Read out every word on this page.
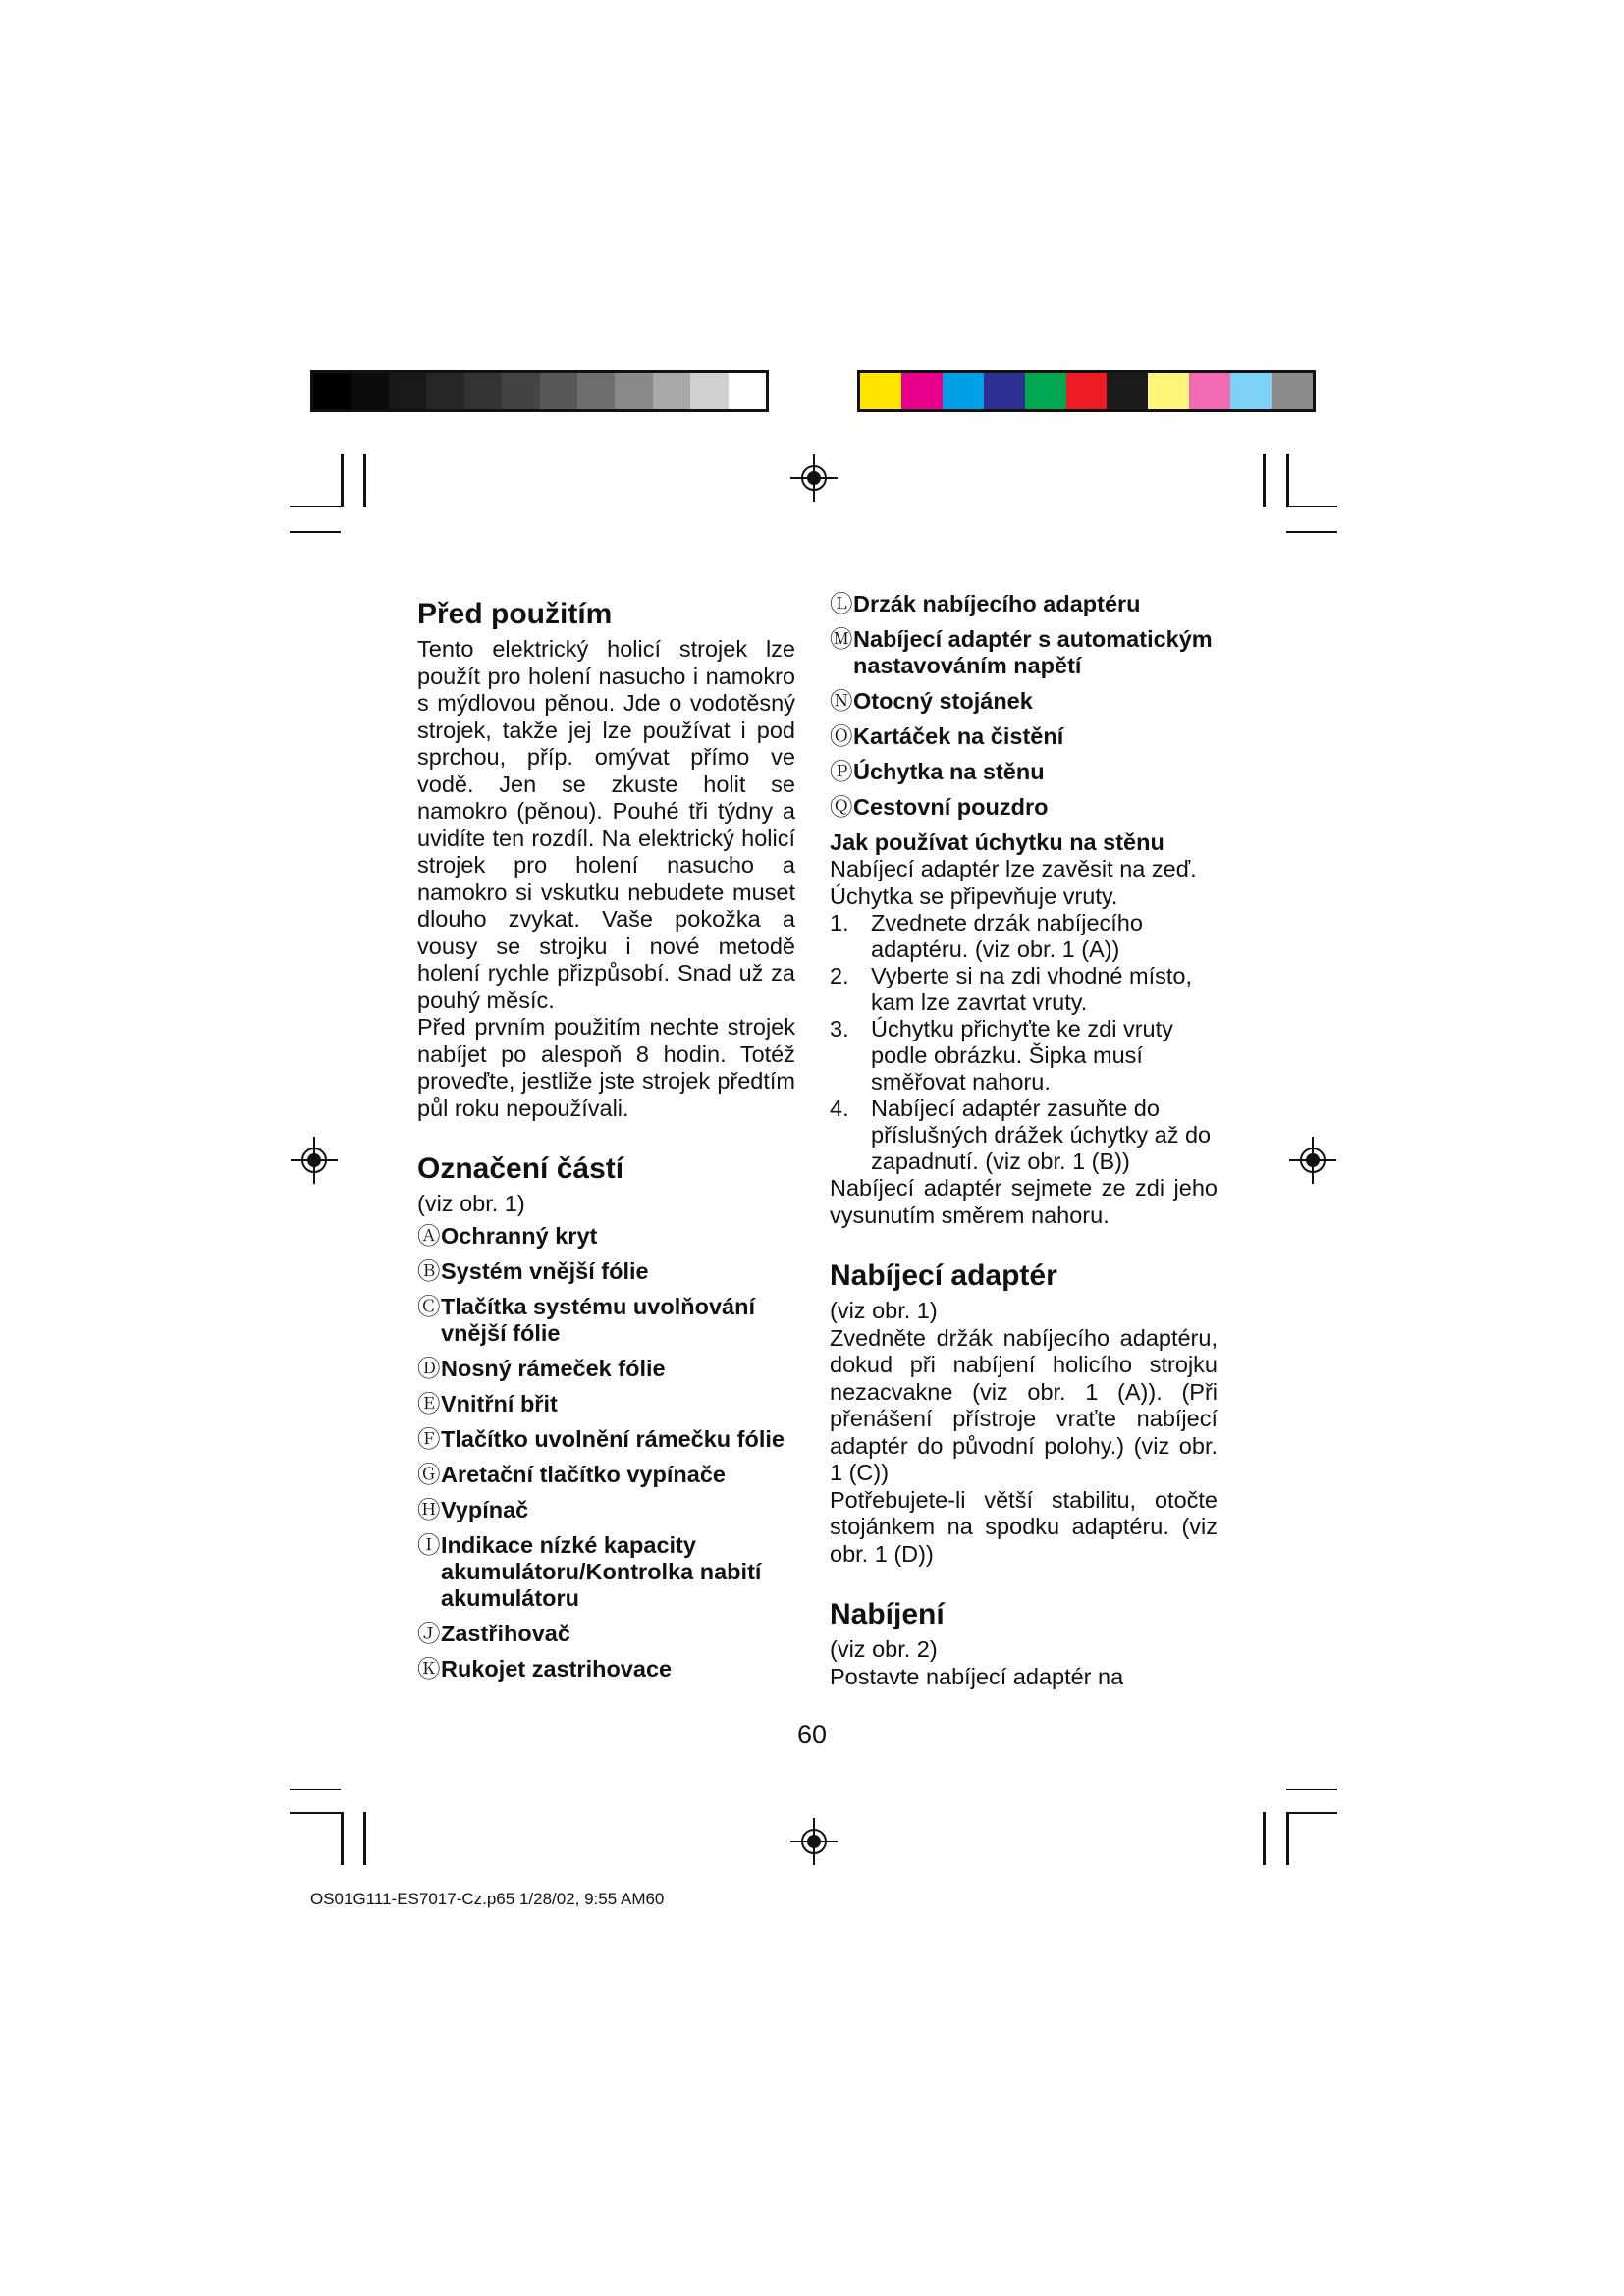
Před použitím

Tento elektrický holicí strojek lze použít pro holení nasucho i namokro s mýdlovou pěnou. Jde o vodotěsný strojek, takže jej lze používat i pod sprchou, příp. omývat přímo ve vodě. Jen se zkuste holit se namokro (pěnou). Pouhé tři týdny a uvidíte ten rozdíl. Na elektrický holicí strojek pro holení nasucho a namokro si vskutku nebudete muset dlouho zvykat. Vaše pokožka a vousy se strojku i nové metodě holení rychle přizpůsobí. Snad už za pouhý měsíc.

Před prvním použitím nechte strojek nabíjet po alespoň 8 hodin. Totéž proveďte, jestliže jste strojek předtím půl roku nepoužívali.

Označení částí
(viz obr. 1)
Ⓐ Ochranný kryt
Ⓑ Systém vnější fólie
Ⓒ Tlačítka systému uvolňování vnější fólie
Ⓓ Nosný rámeček fólie
Ⓔ Vnitřní břit
Ⓕ Tlačítko uvolnění rámečku fólie
Ⓖ Aretační tlačítko vypínače
Ⓗ Vypínač
Ⓘ Indikace nízké kapacity akumulátoru/Kontrolka nabití akumulátoru
Ⓙ Zastřihovač
Ⓚ Rukojet zastrihovace
Ⓛ Drzák nabíjecího adaptéru
Ⓜ Nabíjecí adaptér s automatickým nastavováním napětí
Ⓝ Otocný stojánek
Ⓞ Kartáček na čistění
Ⓟ Úchytka na stěnu
Ⓠ Cestovní pouzdro
Jak používat úchytku na stěnu

Nabíjecí adaptér lze zavěsit na zeď. Úchytka se připevňuje vruty.

1. Zvednete drzák nabíjecího adaptéru. (viz obr. 1 (A))
2. Vyberte si na zdi vhodné místo, kam lze zavrtat vruty.
3. Úchytku přichyťte ke zdi vruty podle obrázku. Šipka musí směřovat nahoru.
4. Nabíjecí adaptér zasuňte do příslušných drážek úchytky až do zapadnutí. (viz obr. 1 (B))

Nabíjecí adaptér sejmete ze zdi jeho vysunutím směrem nahoru.

Nabíjecí adaptér
(viz obr. 1)

Zvedněte držák nabíjecího adaptéru, dokud při nabíjení holicího strojku nezacvakne (viz obr. 1 (A)). (Při přenášení přístroje vraťte nabíjecí adaptér do původní polohy.) (viz obr. 1 (C))

Potřebujete-li větší stabilitu, otočte stojánkem na spodku adaptéru. (viz obr. 1 (D))

Nabíjení
(viz obr. 2)

Postavte nabíjecí adaptér na

60
OS01G111-ES7017-Cz.p65 1/28/02, 9:55 AM60
